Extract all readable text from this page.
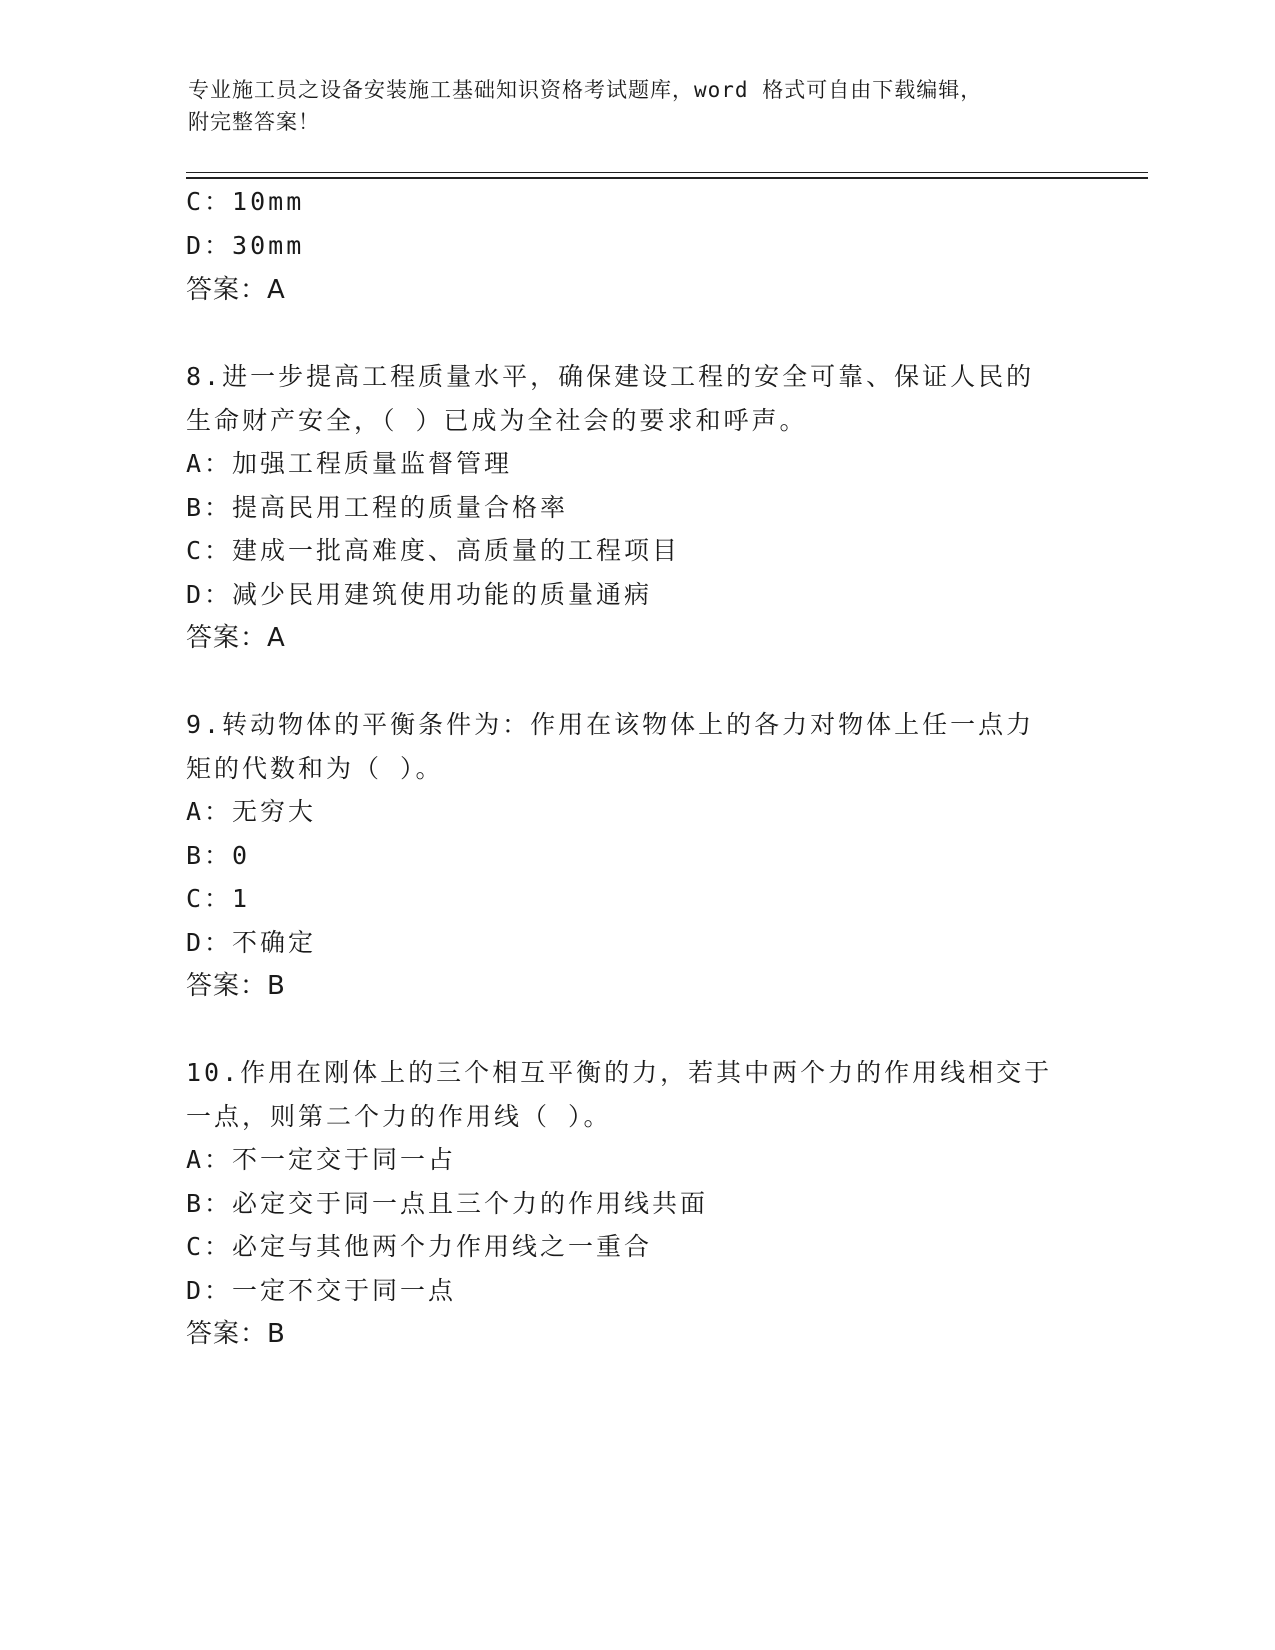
专业施工员之设备安装施工基础知识资格考试题库，word 格式可自由下载编辑，
附完整答案！
C：10mm
D：30mm
答案：A
8.进一步提高工程质量水平，确保建设工程的安全可靠、保证人民的
生命财产安全，（ ）已成为全社会的要求和呼声。
A：加强工程质量监督管理
B：提高民用工程的质量合格率
C：建成一批高难度、高质量的工程项目
D：减少民用建筑使用功能的质量通病
答案：A
9.转动物体的平衡条件为：作用在该物体上的各力对物体上任一点力
矩的代数和为（ ）。
A：无穷大
B：0
C：1
D：不确定
答案：B
10.作用在刚体上的三个相互平衡的力，若其中两个力的作用线相交于
一点，则第二个力的作用线（ ）。
A：不一定交于同一占
B：必定交于同一点且三个力的作用线共面
C：必定与其他两个力作用线之一重合
D：一定不交于同一点
答案：B
